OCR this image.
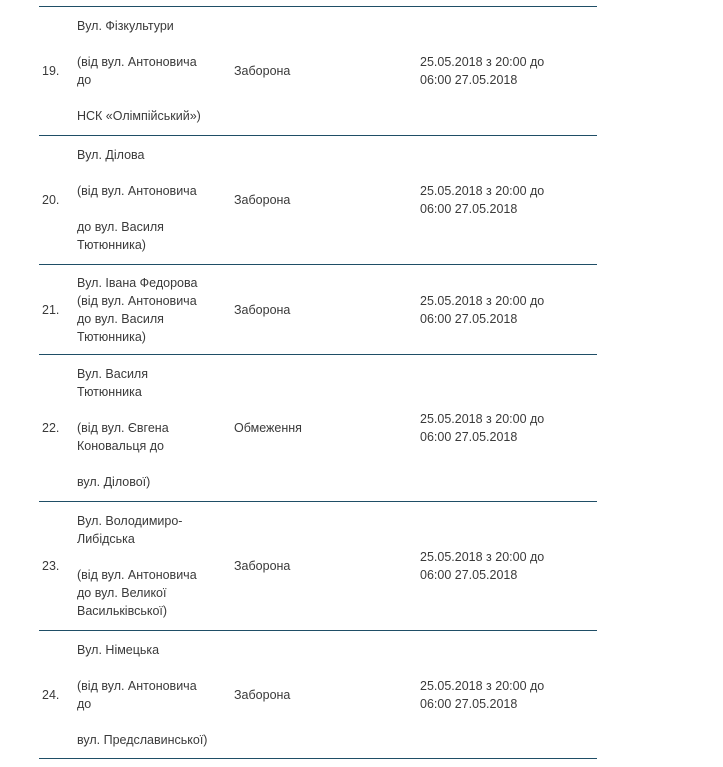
19.
Вул. Фізкультури
(від вул. Антоновича
до
НСК «Олімпійський»)
Заборона
25.05.2018 з 20:00 до
06:00 27.05.2018
20.
Вул. Ділова
(від вул. Антоновича
до вул. Василя
Тютюнника)
Заборона
25.05.2018 з 20:00 до
06:00 27.05.2018
21.
Вул. Івана Федорова
(від вул. Антоновича
до вул. Василя
Тютюнника)
Заборона
25.05.2018 з 20:00 до
06:00 27.05.2018
22.
Вул. Василя
Тютюнника
(від вул. Євгена
Коновальця до
вул. Ділової)
Обмеження
25.05.2018 з 20:00 до
06:00 27.05.2018
23.
Вул. Володимиро-
Либідська
(від вул. Антоновича
до вул. Великої
Васильківської)
Заборона
25.05.2018 з 20:00 до
06:00 27.05.2018
24.
Вул. Німецька
(від вул. Антоновича
до
вул. Предславинської)
Заборона
25.05.2018 з 20:00 до
06:00 27.05.2018
